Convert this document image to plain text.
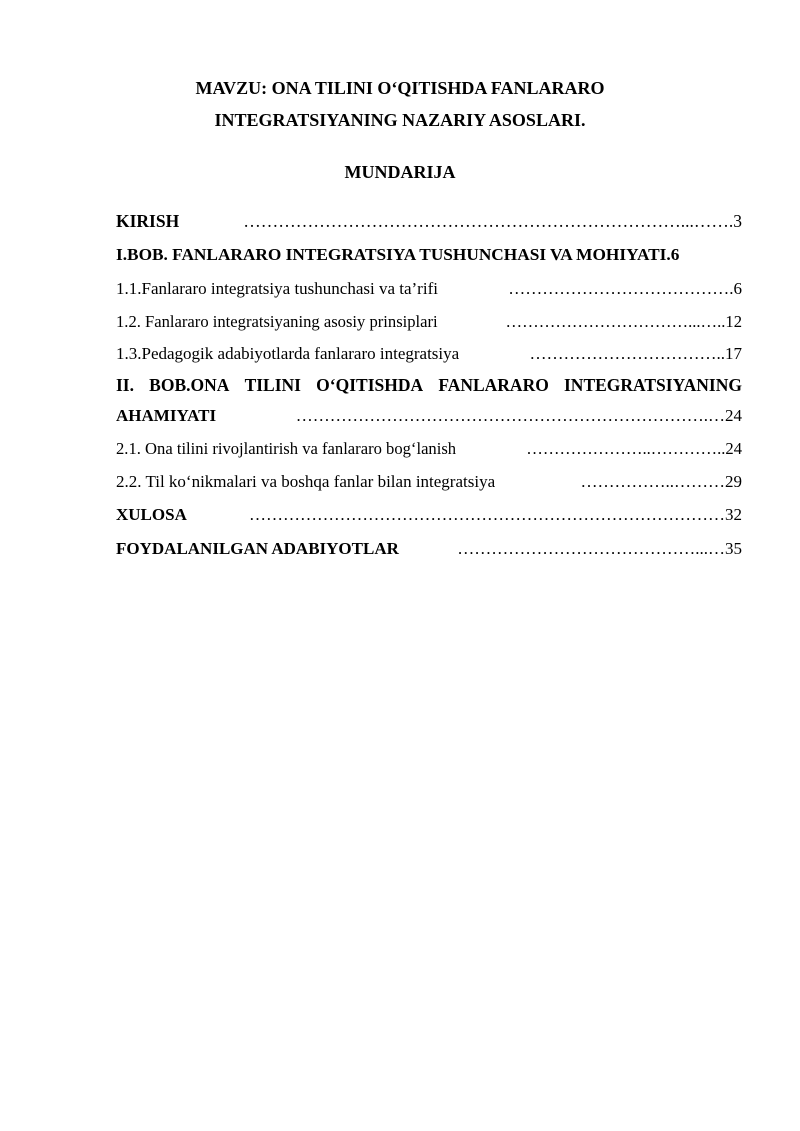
MAVZU: ONA TILINI O‘QITISHDA FANLARARO
INTEGRATSIYANING NAZARIY ASOSLARI.
MUNDARIJA
KIRISH	…………………………………………………………………...……. 3
I.BOB. FANLARARO INTEGRATSIYA TUSHUNCHASI VA MOHIYATI.6
1.1.Fanlararo integratsiya tushunchasi va ta’rifi	…………………………………. 6
1.2. Fanlararo integratsiyaning asosiy prinsiplari	……………………………...….. 12
1.3.Pedagogik adabiyotlarda fanlararo integratsiya	…………………………….. 17
II. BOB.ONA TILINI O‘QITISHDA FANLARARO INTEGRATSIYANING
AHAMIYATI	……………………………………………………………….… 24
2.1. Ona tilini rivojlantirish va fanlararo bog‘lanish	…………………..………….. 24
2.2. Til ko‘nikmalari va boshqa fanlar bilan integratsiya	……………..……… 29
XULOSA	………………………………………………………………………… 32
FOYDALANILGAN ADABIYOTLAR	……………………………………...… 35
